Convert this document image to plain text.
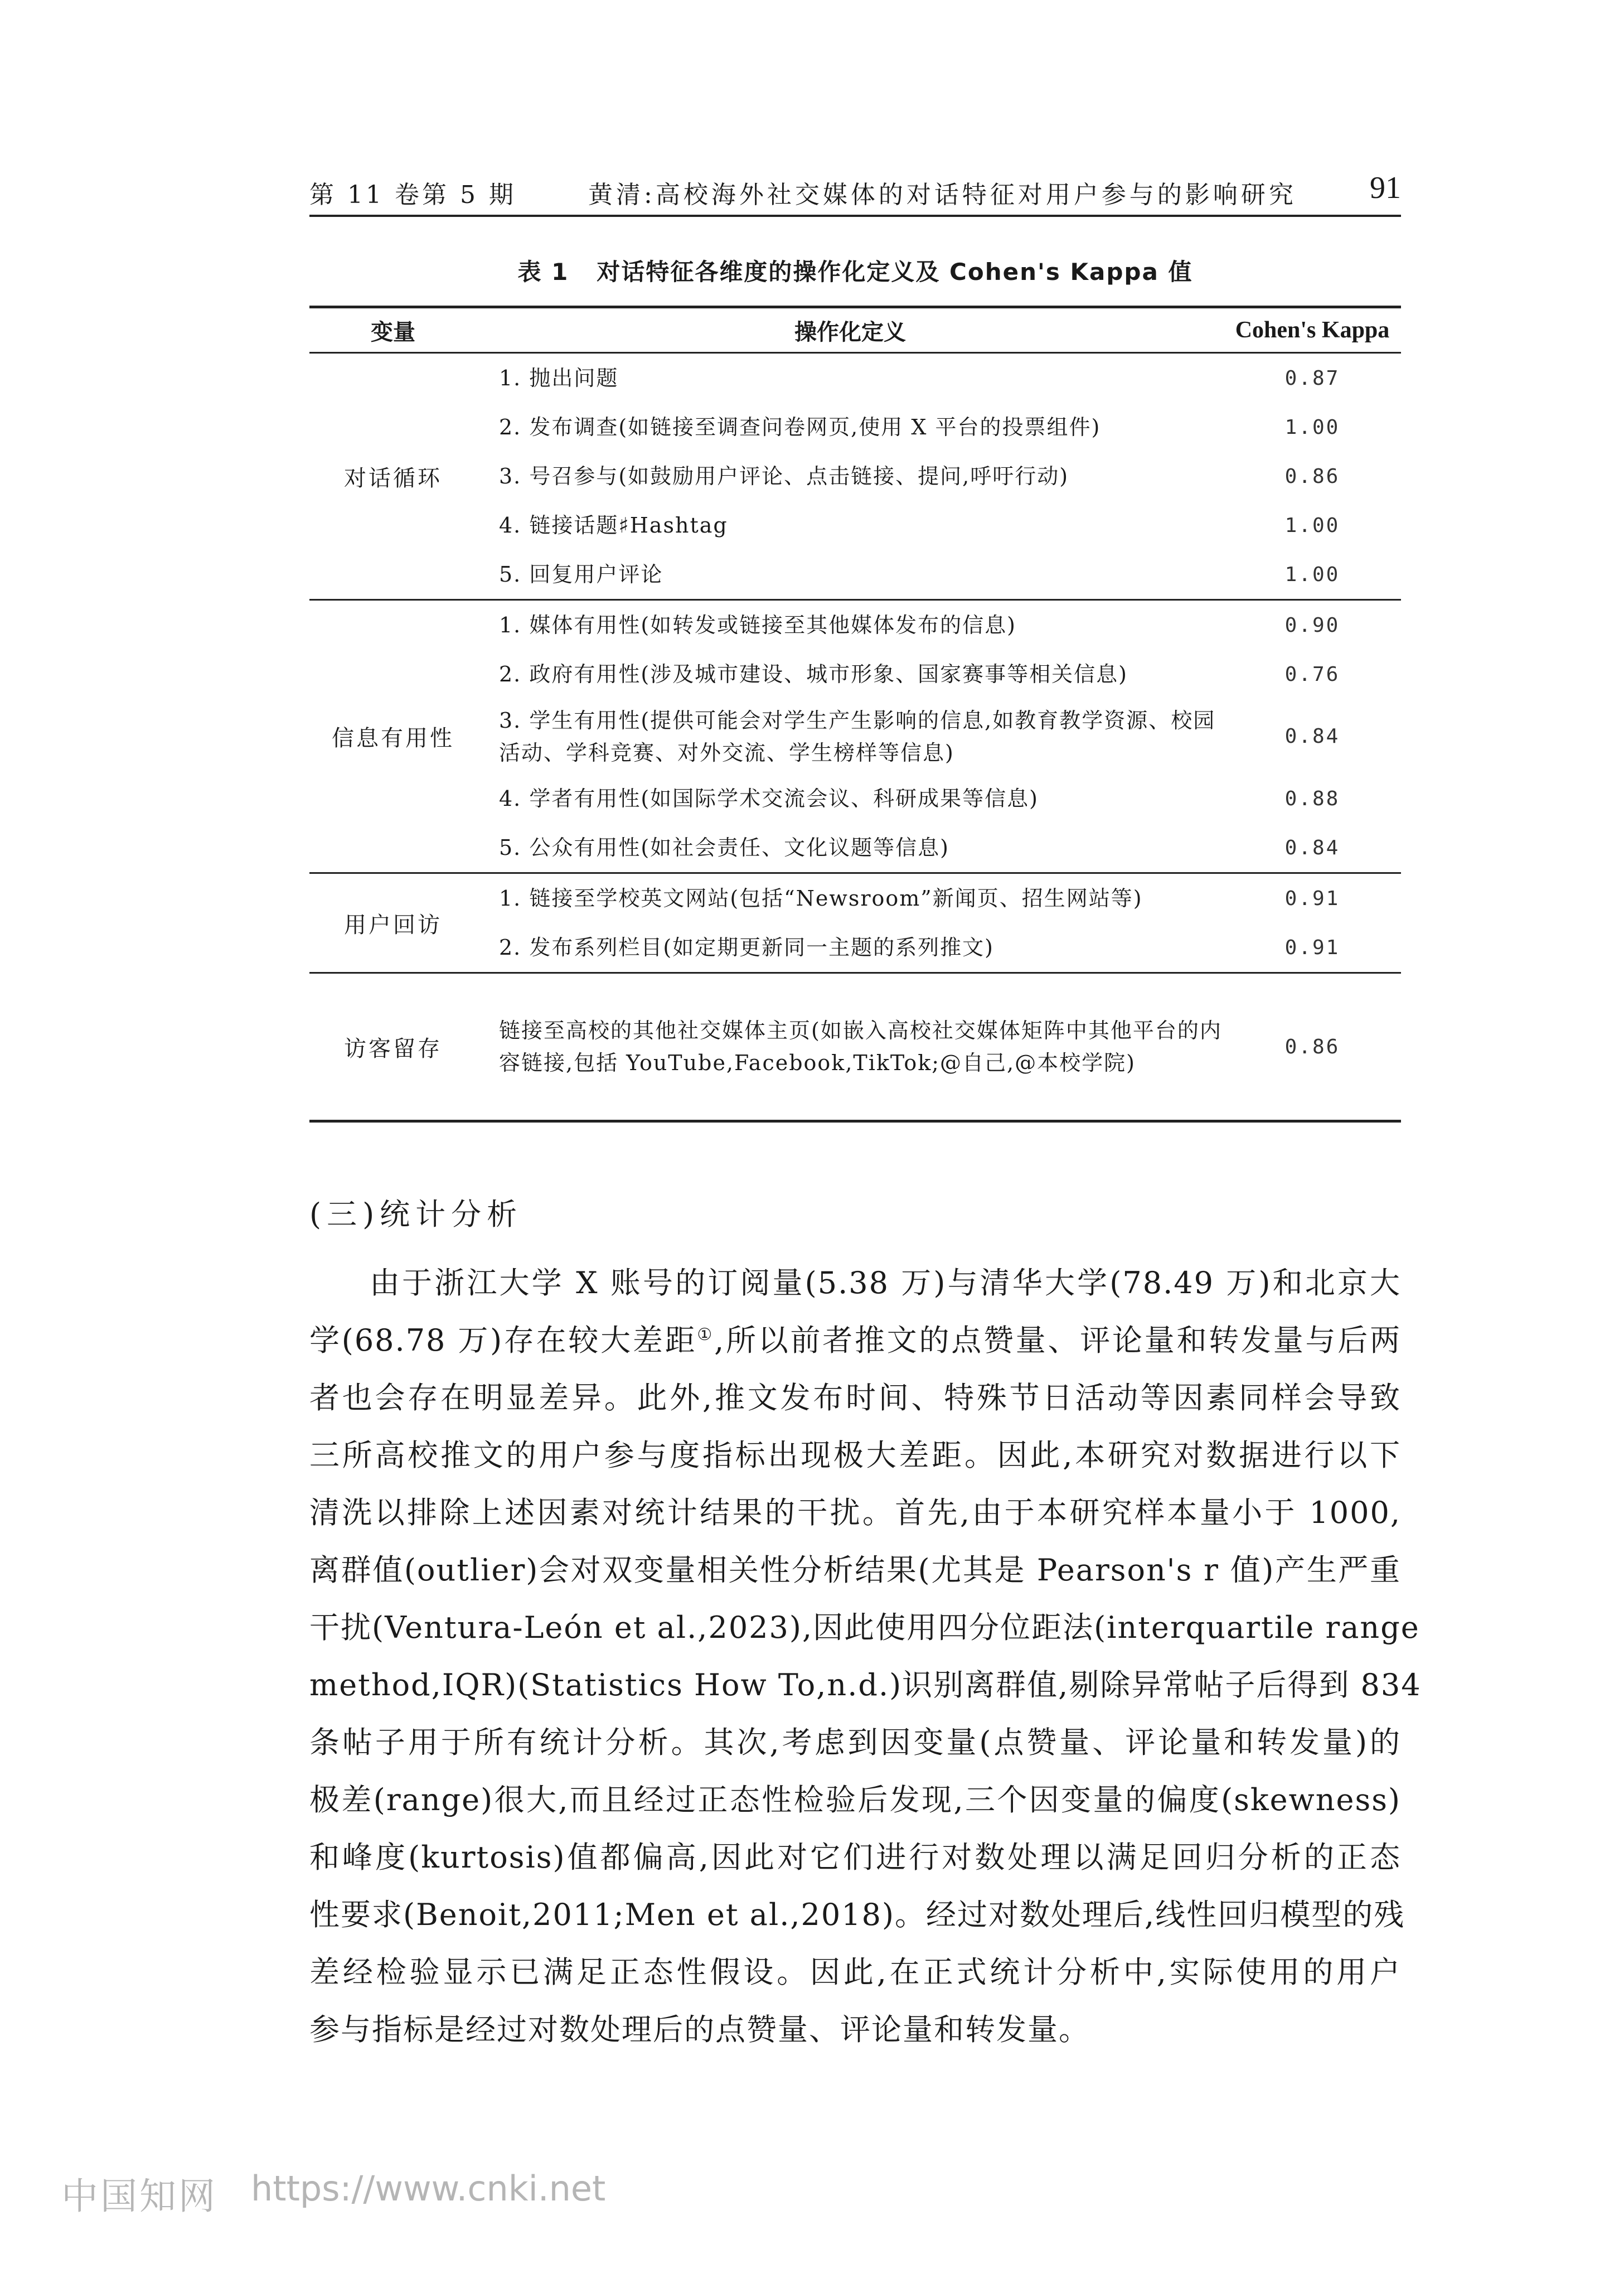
第 11 卷第 5 期	黄清:高校海外社交媒体的对话特征对用户参与的影响研究 91
表 1 对话特征各维度的操作化定义及 Cohen's Kappa 值
变量	操作化定义	Cohen's Kappa
对话循环	1. 抛出问题	0.87
	2. 发布调查(如链接至调查问卷网页,使用 X 平台的投票组件)	1.00
	3. 号召参与(如鼓励用户评论、点击链接、提问,呼吁行动)	0.86
	4. 链接话题♯Hashtag	1.00
	5. 回复用户评论	1.00
信息有用性	1. 媒体有用性(如转发或链接至其他媒体发布的信息)	0.90
	2. 政府有用性(涉及城市建设、城市形象、国家赛事等相关信息)	0.76
	3. 学生有用性(提供可能会对学生产生影响的信息,如教育教学资源、校园活动、学科竞赛、对外交流、学生榜样等信息)	0.84
	4. 学者有用性(如国际学术交流会议、科研成果等信息)	0.88
	5. 公众有用性(如社会责任、文化议题等信息)	0.84
用户回访	1. 链接至学校英文网站(包括“Newsroom”新闻页、招生网站等)	0.91
	2. 发布系列栏目(如定期更新同一主题的系列推文)	0.91
访客留存	链接至高校的其他社交媒体主页(如嵌入高校社交媒体矩阵中其他平台的内容链接,包括 YouTube,Facebook,TikTok;@自己,@本校学院)	0.86
(三)统计分析
由于浙江大学 X 账号的订阅量(5.38 万)与清华大学(78.49 万)和北京大
学(68.78 万)存在较大差距①,所以前者推文的点赞量、评论量和转发量与后两
者也会存在明显差异。此外,推文发布时间、特殊节日活动等因素同样会导致
三所高校推文的用户参与度指标出现极大差距。因此,本研究对数据进行以下
清洗以排除上述因素对统计结果的干扰。首先,由于本研究样本量小于 1000,
离群值(outlier)会对双变量相关性分析结果(尤其是 Pearson's r 值)产生严重
干扰(Ventura-León et al.,2023),因此使用四分位距法(interquartile range
method,IQR)(Statistics How To,n.d.)识别离群值,剔除异常帖子后得到 834
条帖子用于所有统计分析。其次,考虑到因变量(点赞量、评论量和转发量)的
极差(range)很大,而且经过正态性检验后发现,三个因变量的偏度(skewness)
和峰度(kurtosis)值都偏高,因此对它们进行对数处理以满足回归分析的正态
性要求(Benoit,2011;Men et al.,2018)。经过对数处理后,线性回归模型的残
差经检验显示已满足正态性假设。因此,在正式统计分析中,实际使用的用户
参与指标是经过对数处理后的点赞量、评论量和转发量。
中国知网 https://www.cnki.net
